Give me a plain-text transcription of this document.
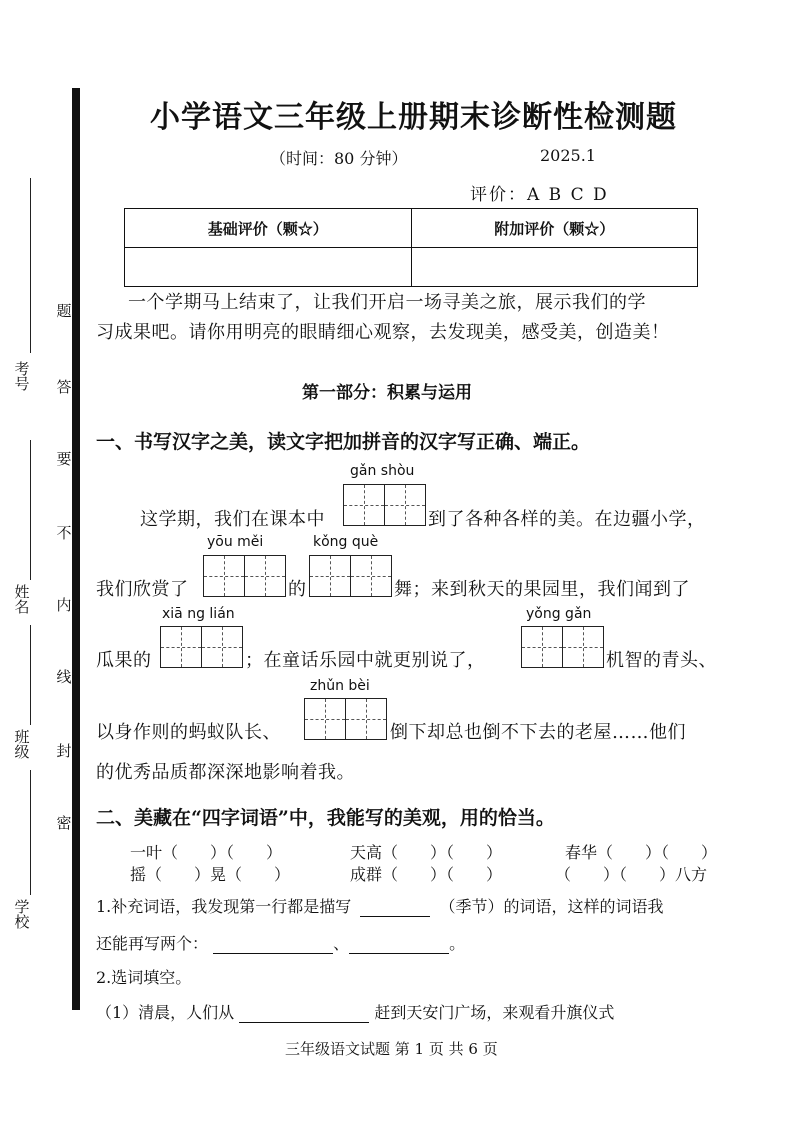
考号
姓名
班级
学校
题
答
要
不
内
线
封
密
小学语文三年级上册期末诊断性检测题
（时间：80 分钟）	2025.1
评价：A B C D
基础评价（颗☆）	附加评价（颗☆）

一个学期马上结束了，让我们开启一场寻美之旅，展示我们的学
习成果吧。请你用明亮的眼睛细心观察，去发现美，感受美，创造美！
第一部分：积累与运用
一、书写汉字之美，读文字把加拼音的汉字写正确、端正。
gǎn shòu
这学期，我们在课本中	到了各种各样的美。在边疆小学，
yōu měi	kǒng què
我们欣赏了	的	舞；来到秋天的果园里，我们闻到了
xiā ng lián	yǒng gǎn
瓜果的	；在童话乐园中就更别说了，	机智的青头、
zhǔn bèi
以身作则的蚂蚁队长、	倒下却总也倒不下去的老屋……他们
的优秀品质都深深地影响着我。
二、美藏在“四字词语”中，我能写的美观，用的恰当。
一叶（　　）（　　）	天高（　　）（　　）	春华（　　）（　　）
摇（　　）晃（　　）	成群（　　）（　　）	（　　）（　　）八方
1.补充词语，我发现第一行都是描写	（季节）的词语，这样的词语我
还能再写两个：	、	。
2.选词填空。
（1）清晨，人们从	赶到天安门广场，来观看升旗仪式
三年级语文试题 第 1 页 共 6 页
